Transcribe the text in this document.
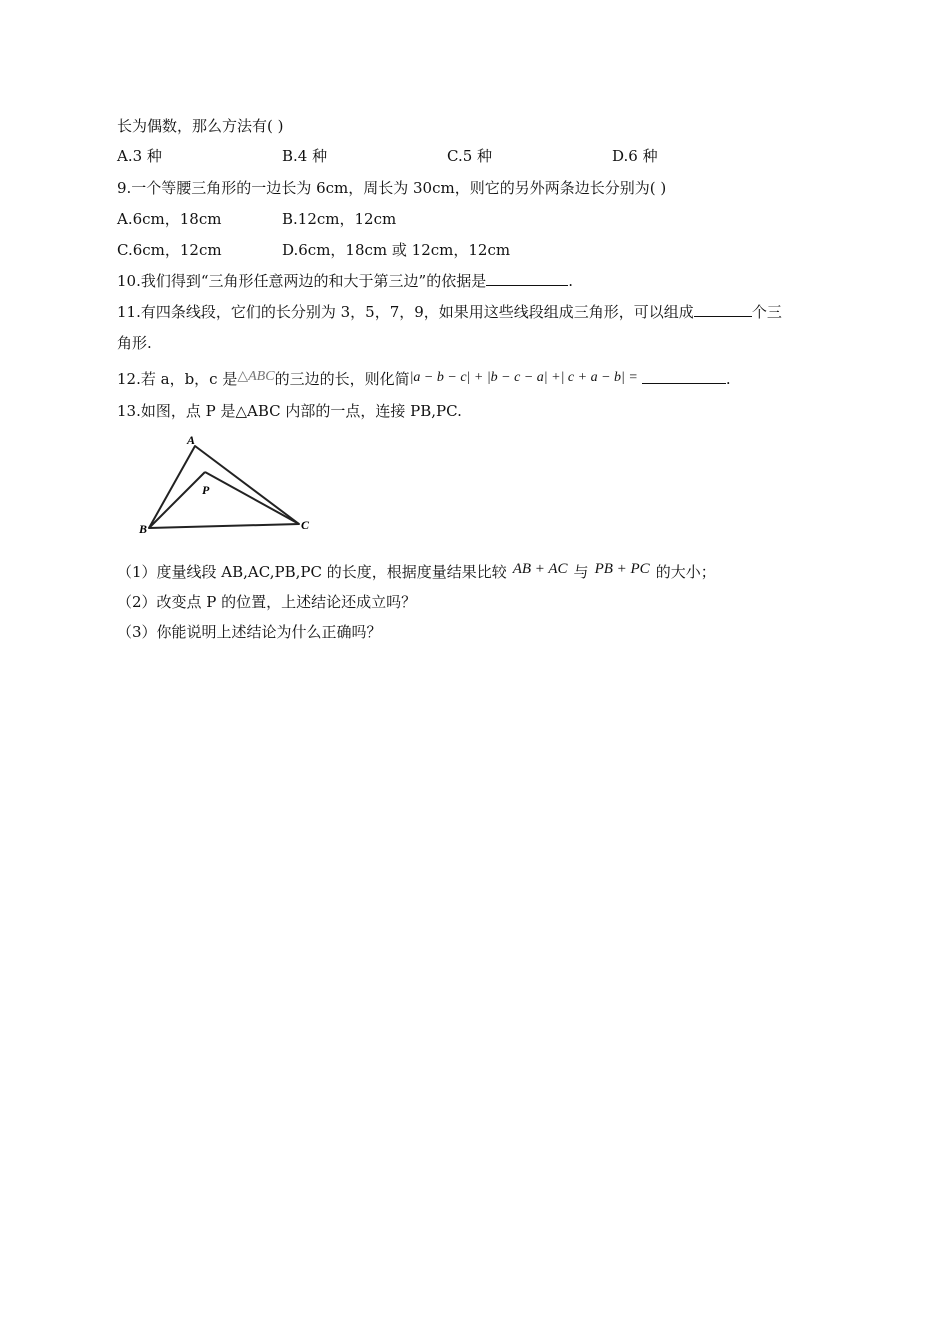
长为偶数，那么方法有( )
A.3 种	B.4 种	C.5 种	D.6 种
9.一个等腰三角形的一边长为 6cm，周长为 30cm，则它的另外两条边长分别为( )
A.6cm，18cm	B.12cm，12cm
C.6cm，12cm	D.6cm，18cm 或 12cm，12cm
10.我们得到“三角形任意两边的和大于第三边”的依据是	.
11.有四条线段，它们的长分别为 3，5，7，9，如果用这些线段组成三角形，可以组成	个三
角形.
12.若 a，b，c 是△ABC的三边的长，则化简|a − b − c| + |b − c − a| +| c + a − b| =	.
13.如图，点 P 是△ABC 内部的一点，连接 PB,PC.
A
P
B	C
（1）度量线段 AB,AC,PB,PC 的长度，根据度量结果比较 AB + AC 与 PB + PC 的大小；
（2）改变点 P 的位置，上述结论还成立吗？
（3）你能说明上述结论为什么正确吗？
